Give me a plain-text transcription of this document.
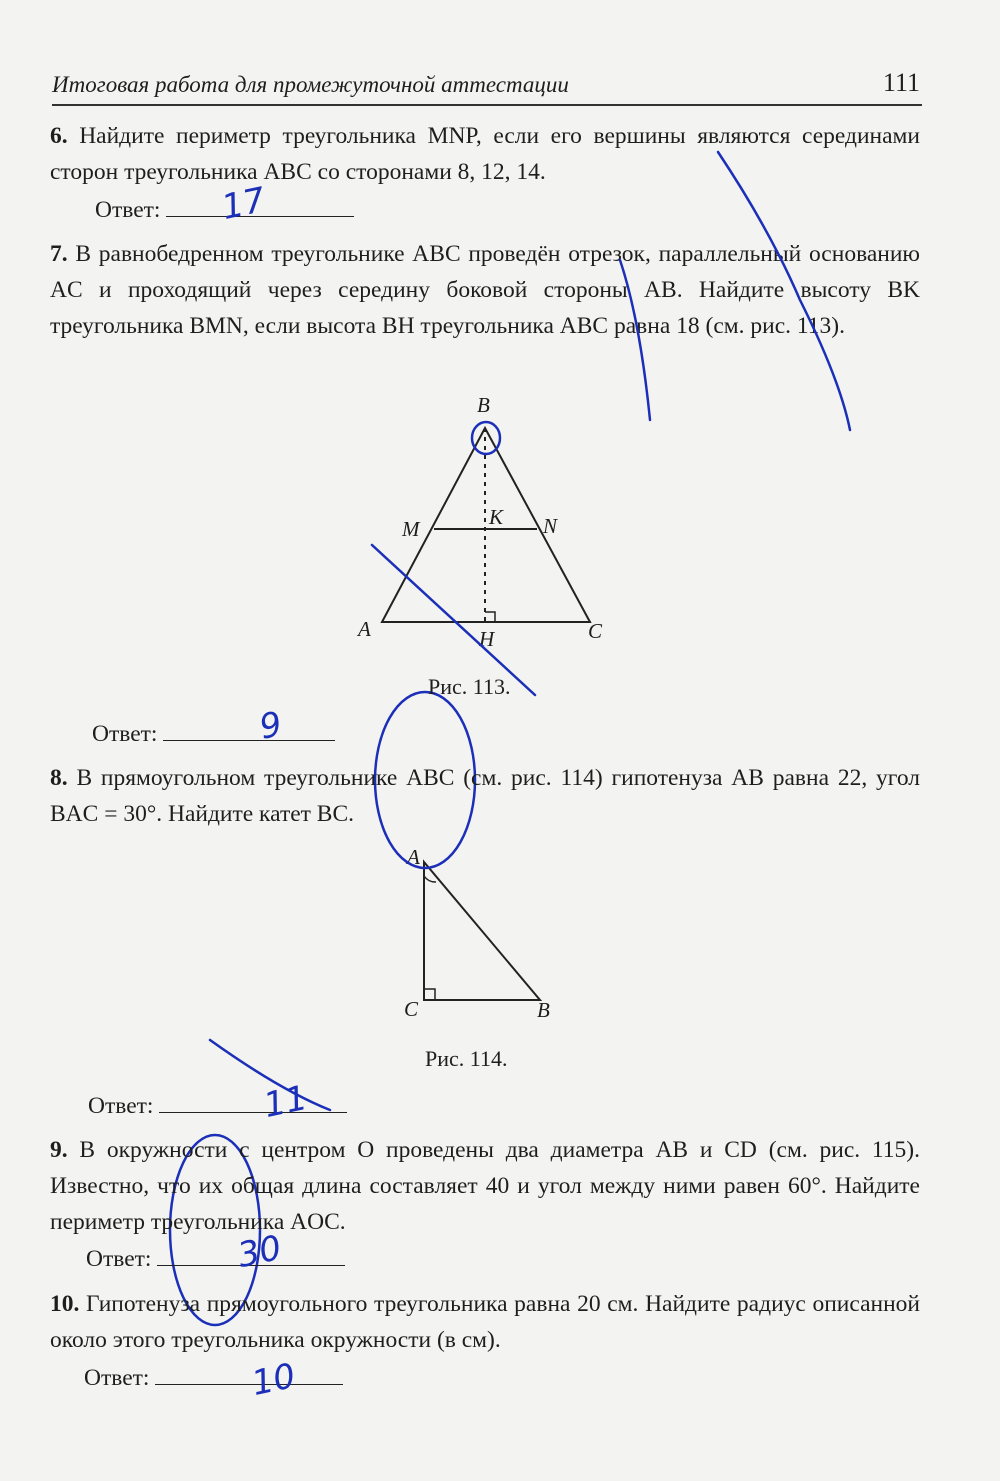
Итоговая работа для промежуточной аттестации	111
6. Найдите периметр треугольника MNP, если его вершины являются серединами сторон треугольника ABC со сторонами 8, 12, 14.
Ответ:	17
7. В равнобедренном треугольнике ABC проведён отрезок, параллельный основанию AC и проходящий через середину боковой стороны AB. Найдите высоту BK треугольника BMN, если высота BH треугольника ABC равна 18 (см. рис. 113).
B
M	K N
A	H	C
A
C	B
Рис. 113.
Ответ:	9
8. В прямоугольном треугольнике ABC (см. рис. 114) гипотенуза AB равна 22, угол BAC = 30°. Найдите катет BC.
Рис. 114.
Ответ:	11
9. В окружности с центром O проведены два диаметра AB и CD (см. рис. 115). Известно, что их общая длина составляет 40 и угол между ними равен 60°. Найдите периметр треугольника AOC.
Ответ:	30
10. Гипотенуза прямоугольного треугольника равна 20 см. Найдите радиус описанной около этого треугольника окружности (в см).
Ответ:	10
